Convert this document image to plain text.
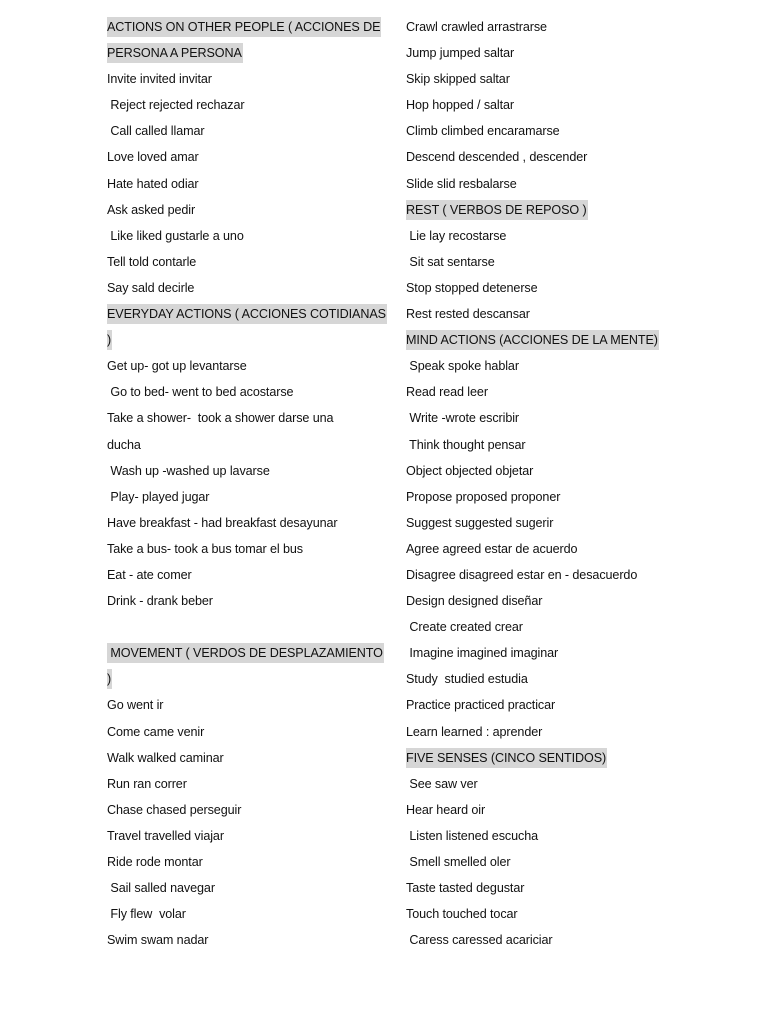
ACTIONS ON OTHER PEOPLE ( ACCIONES DE
PERSONA A PERSONA
Invite invited invitar
Reject rejected rechazar
Call called llamar
Love loved amar
Hate hated odiar
Ask asked pedir
Like liked gustarle a uno
Tell told contarle
Say sald decirle
EVERYDAY ACTIONS ( ACCIONES COTIDIANAS
)
Get up- got up levantarse
Go to bed- went to bed acostarse
Take a shower-  took a shower darse una
ducha
Wash up -washed up lavarse
Play- played jugar
Have breakfast - had breakfast desayunar
Take a bus- took a bus tomar el bus
Eat - ate comer
Drink - drank beber
MOVEMENT ( VERDOS DE DESPLAZAMIENTO
)
Go went ir
Come came venir
Walk walked caminar
Run ran correr
Chase chased perseguir
Travel travelled viajar
Ride rode montar
Sail salled navegar
Fly flew  volar
Swim swam nadar
Crawl crawled arrastrarse
Jump jumped saltar
Skip skipped saltar
Hop hopped / saltar
Climb climbed encaramarse
Descend descended , descender
Slide slid resbalarse
REST ( VERBOS DE REPOSO )
Lie lay recostarse
Sit sat sentarse
Stop stopped detenerse
Rest rested descansar
MIND ACTIONS (ACCIONES DE LA MENTE)
Speak spoke hablar
Read read leer
Write -wrote escribir
Think thought pensar
Object objected objetar
Propose proposed proponer
Suggest suggested sugerir
Agree agreed estar de acuerdo
Disagree disagreed estar en - desacuerdo
Design designed diseñar
Create created crear
Imagine imagined imaginar
Study  studied estudia
Practice practiced practicar
Learn learned : aprender
FIVE SENSES (CINCO SENTIDOS)
See saw ver
Hear heard oir
Listen listened escucha
Smell smelled oler
Taste tasted degustar
Touch touched tocar
Caress caressed acariciar
